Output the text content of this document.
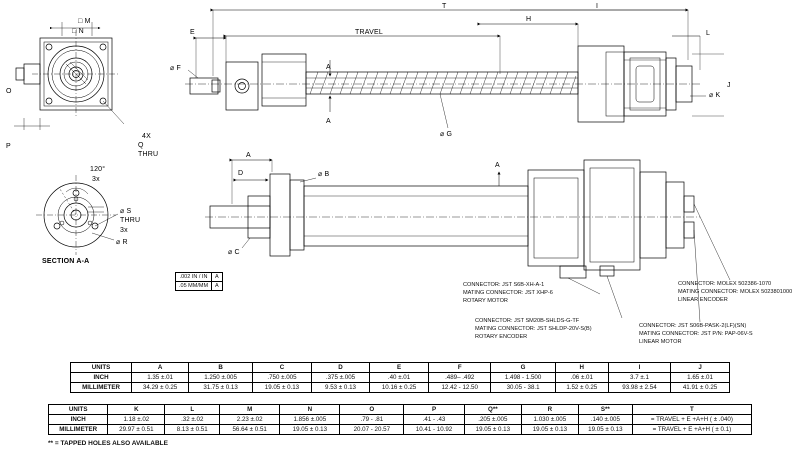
T	I
H
L
TRAVEL
E
⌀ F
⌀ G
⌀ K
J
□ M
□ N
O
P
4X
Q
THRU
120°
3x
⌀ S
THRU
3x
⌀ R
SECTION A-A
A
A
A
A
D	⌀ B
⌀ C
.002 IN / IN	A
.05 MM/MM	A	CONNECTOR: JST S6B-XH-A-1
MATING CONNECTOR: JST XHP-6
ROTARY MOTOR
CONNECTOR: JST SM20B-SHLDS-G-TF
MATING CONNECTOR: JST SHLDP-20V-S(B)
ROTARY ENCODER
CONNECTOR: MOLEX 502386-1070
MATING CONNECTOR: MOLEX 5023801000
LINEAR ENCODER
CONNECTOR: JST S06B-PASK-2(LF)(SN)
MATING CONNECTOR: JST P/N: PAP-06V-S
LINEAR MOTOR
UNITS	A	B	C	D	E	F	G	H	I	J
INCH	1.35 ±.01	1.250 ±.005	.750 ±.005	.375 ±.005	.40 ±.01	.489– .492	1.498 - 1.500	.06 ±.01	3.7 ±.1	1.65 ±.01
MILLIMETER	34.29 ± 0.25	31.75 ± 0.13	19.05 ± 0.13	9.53 ± 0.13	10.16 ± 0.25	12.42 - 12.50	30.05 - 38.1	1.52 ± 0.25	93.98 ± 2.54	41.91 ± 0.25
UNITS	K	L	M	N	O	P	Q**	R	S**	T
INCH	1.18 ±.02	.32 ±.02	2.23 ±.02	1.856 ±.005	.79 - .81	.41 - .43	.205 ±.005	1.030 ±.005	.140 ±.005	= TRAVEL + E +A+H ( ± .040)
MILLIMETER	29.97 ± 0.51	8.13 ± 0.51	56.64 ± 0.51	19.05 ± 0.13	20.07 - 20.57	10.41 - 10.92	19.05 ± 0.13	19.05 ± 0.13	19.05 ± 0.13	= TRAVEL + E +A+H ( ± 0.1)
** = TAPPED HOLES ALSO AVAILABLE
